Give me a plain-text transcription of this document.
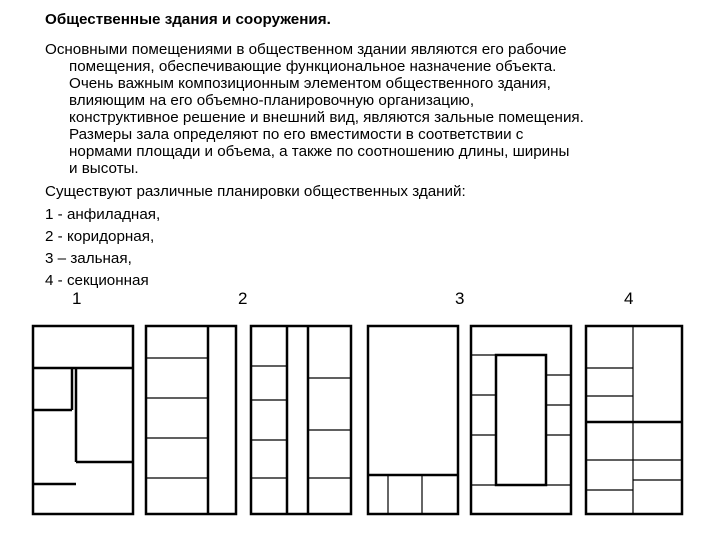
Общественные здания и сооружения.

Основными помещениями в общественном здании являются его рабочие

помещения, обеспечивающие функциональное назначение объекта.

Очень важным композиционным элементом общественного здания,

влияющим на его объемно-планировочную организацию,

конструктивное решение и внешний вид, являются зальные помещения.

Размеры зала определяют по его вместимости в соответствии с

нормами площади и объема, а также по соотношению длины, ширины

и высоты.

Существуют различные планировки общественных зданий:

1 - анфиладная,

2 - коридорная,

3 – зальная,

4 - секционная

1	2	3	4
